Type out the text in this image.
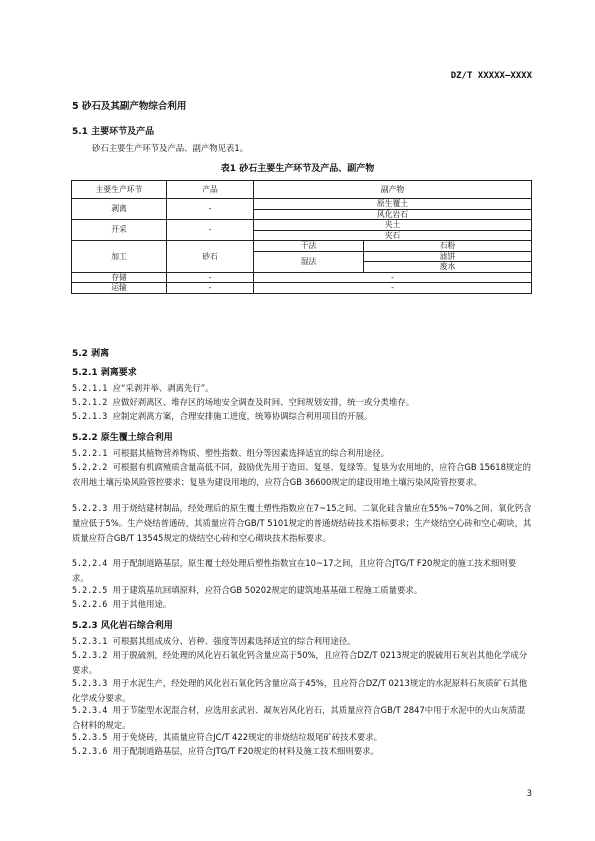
DZ/T XXXXX—XXXX
5 砂石及其副产物综合利用
5.1 主要环节及产品
砂石主要生产环节及产品、副产物见表1。
表1 砂石主要生产环节及产品、副产物
主要生产环节	产品	副产物	
剥离	-	原生覆土	
		风化岩石	
开采	-	夹土	
		夹石	
加工	砂石	干法	石粉
		湿法	滤饼
			废水
存储	-	-	
运输	-	-	
5.2 剥离
5.2.1 剥离要求

5.2.1.1 应“采剥并举、剥离先行”。

5.2.1.2 应做好剥离区、堆存区的场地安全调查及时间、空间规划安排，统一或分类堆存。

5.2.1.3 应制定剥离方案，合理安排施工进度，统筹协调综合利用项目的开展。

5.2.2 原生覆土综合利用

5.2.2.1 可根据其植物营养物质、塑性指数、组分等因素选择适宜的综合利用途径。

5.2.2.2 可根据有机腐殖质含量高低不同，鼓励优先用于造田、复垦、复绿等。复垦为农用地的，应符合GB 15618规定的农用地土壤污染风险管控要求；复垦为建设用地的，应符合GB 36600规定的建设用地土壤污染风险管控要求。

5.2.2.3 用于烧结建材制品，经处理后的原生覆土塑性指数应在7~15之间、二氧化硅含量应在55%~70%之间、氧化钙含量应低于5%。生产烧结普通砖，其质量应符合GB/T 5101规定的普通烧结砖技术指标要求；生产烧结空心砖和空心砌块，其质量应符合GB/T 13545规定的烧结空心砖和空心砌块技术指标要求。

5.2.2.4 用于配制道路基层，原生覆土经处理后塑性指数宜在10~17之间，且应符合JTG/T F20规定的施工技术细则要求。

5.2.2.5 用于建筑基坑回填原料，应符合GB 50202规定的建筑地基基础工程施工质量要求。

5.2.2.6 用于其他用途。

5.2.3 风化岩石综合利用

5.2.3.1 可根据其组成成分、岩种、强度等因素选择适宜的综合利用途径。

5.2.3.2 用于脱硫剂，经处理的风化岩石氧化钙含量应高于50%，且应符合DZ/T 0213规定的脱硫用石灰岩其他化学成分要求。

5.2.3.3 用于水泥生产，经处理的风化岩石氧化钙含量应高于45%，且应符合DZ/T 0213规定的水泥原料石灰质矿石其他化学成分要求。

5.2.3.4 用于节能型水泥混合材，应选用玄武岩、凝灰岩风化岩石，其质量应符合GB/T 2847中用于水泥中的火山灰质混合材料的规定。

5.2.3.5 用于免烧砖，其质量应符合JC/T 422规定的非烧结垃圾尾矿砖技术要求。

5.2.3.6 用于配制道路基层，应符合JTG/T F20规定的材料及施工技术细则要求。

3
